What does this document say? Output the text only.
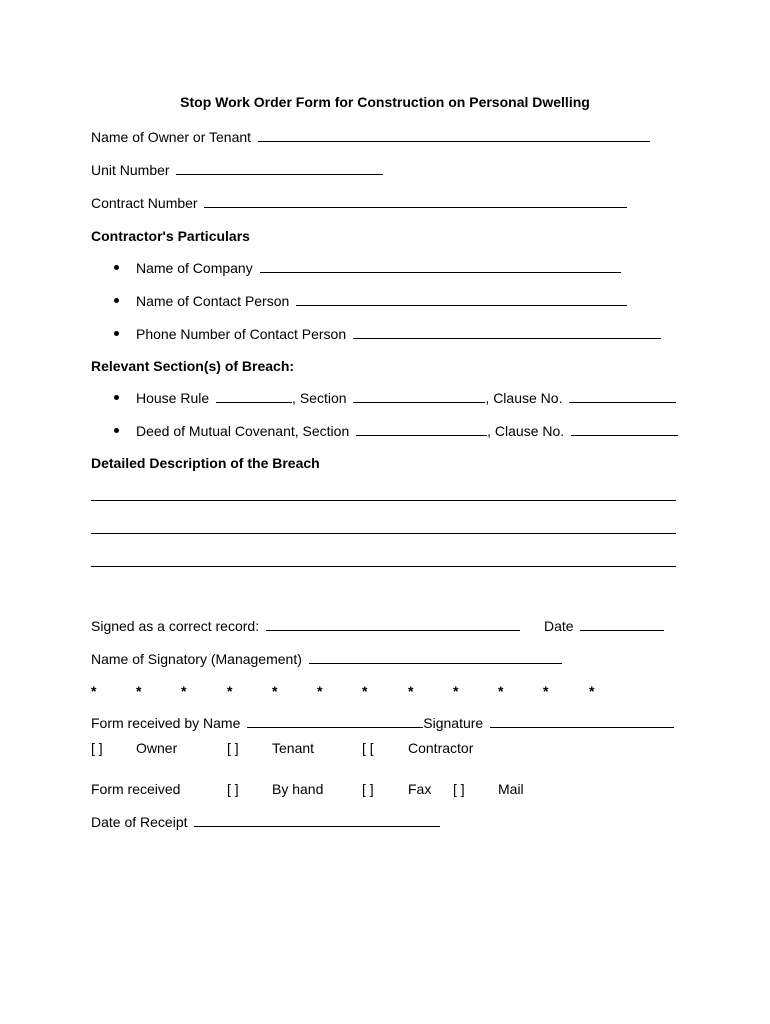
Stop Work Order Form for Construction on Personal Dwelling
Name of Owner or Tenant
Unit Number
Contract Number
Contractor's Particulars
Name of Company
Name of Contact Person
Phone Number of Contact Person
Relevant Section(s) of Breach:
House Rule	, Section	, Clause No.
Deed of Mutual Covenant, Section	, Clause No.
Detailed Description of the Breach
Signed as a correct record:	Date
Name of Signatory (Management)
*	*	*	*	*	*	*	*	*	*	*	*
Form received by Name	Signature
[ ] Owner	[ ] Tenant	[ [ Contractor
Form received	[ ] By hand	[ ] Fax [ ] Mail
Date of Receipt
